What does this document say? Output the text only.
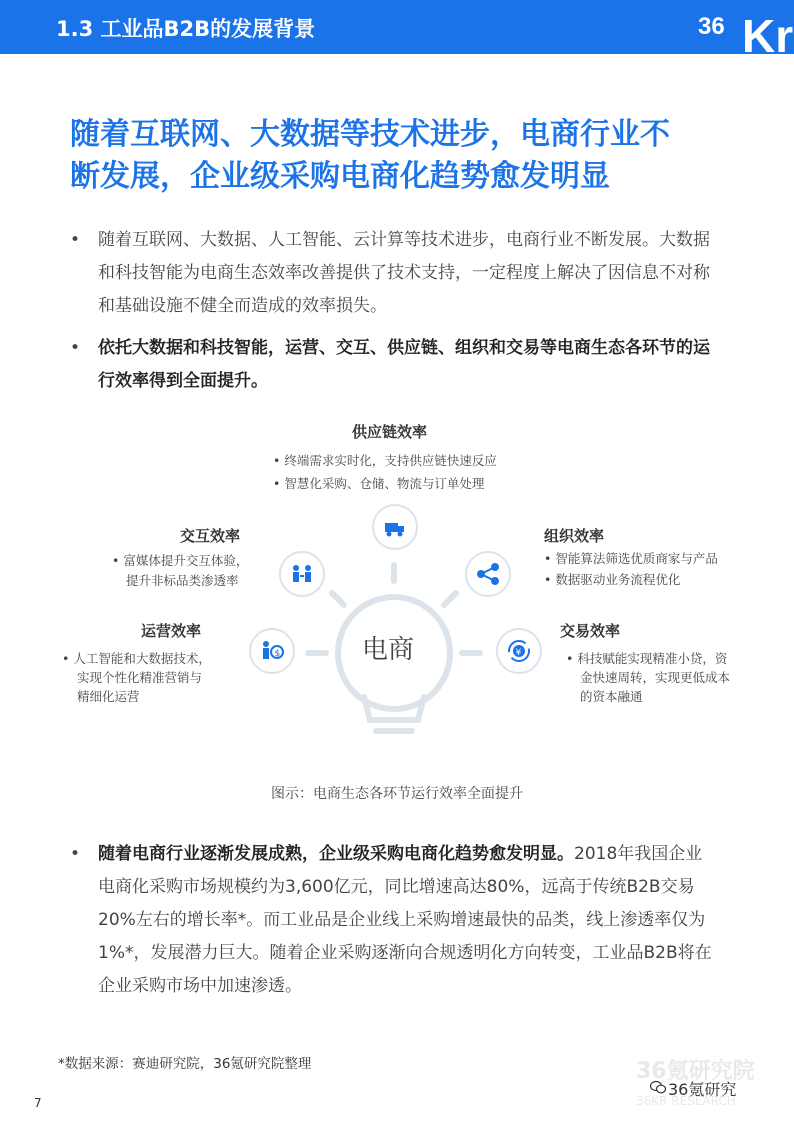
1.3 工业品B2B的发展背景	36 Kr
随着互联网、大数据等技术进步，电商行业不
断发展，企业级采购电商化趋势愈发明显
•	随着互联网、大数据、人工智能、云计算等技术进步，电商行业不断发展。大数据和科技智能为电商生态效率改善提供了技术支持，一定程度上解决了因信息不对称和基础设施不健全而造成的效率损失。
•	依托大数据和科技智能，运营、交互、供应链、组织和交易等电商生态各环节的运行效率得到全面提升。
电商
$	¥
供应链效率
• 终端需求实时化，支持供应链快速反应
• 智慧化采购、仓储、物流与订单处理
交互效率
• 富媒体提升交互体验，
提升非标品类渗透率
组织效率
• 智能算法筛选优质商家与产品
• 数据驱动业务流程优化
运营效率
• 人工智能和大数据技术，
实现个性化精准营销与
精细化运营
交易效率
• 科技赋能实现精准小贷，资
金快速周转，实现更低成本
的资本融通
图示：电商生态各环节运行效率全面提升
•	随着电商行业逐渐发展成熟，企业级采购电商化趋势愈发明显。2018年我国企业电商化采购市场规模约为3,600亿元，同比增速高达80%，远高于传统B2B交易20%左右的增长率*。而工业品是企业线上采购增速最快的品类，线上渗透率仅为1%*，发展潜力巨大。随着企业采购逐渐向合规透明化方向转变，工业品B2B将在企业采购市场中加速渗透。
*数据来源：赛迪研究院，36氪研究院整理
7
36氪研究院
36KR RESEARCH
36氪研究
